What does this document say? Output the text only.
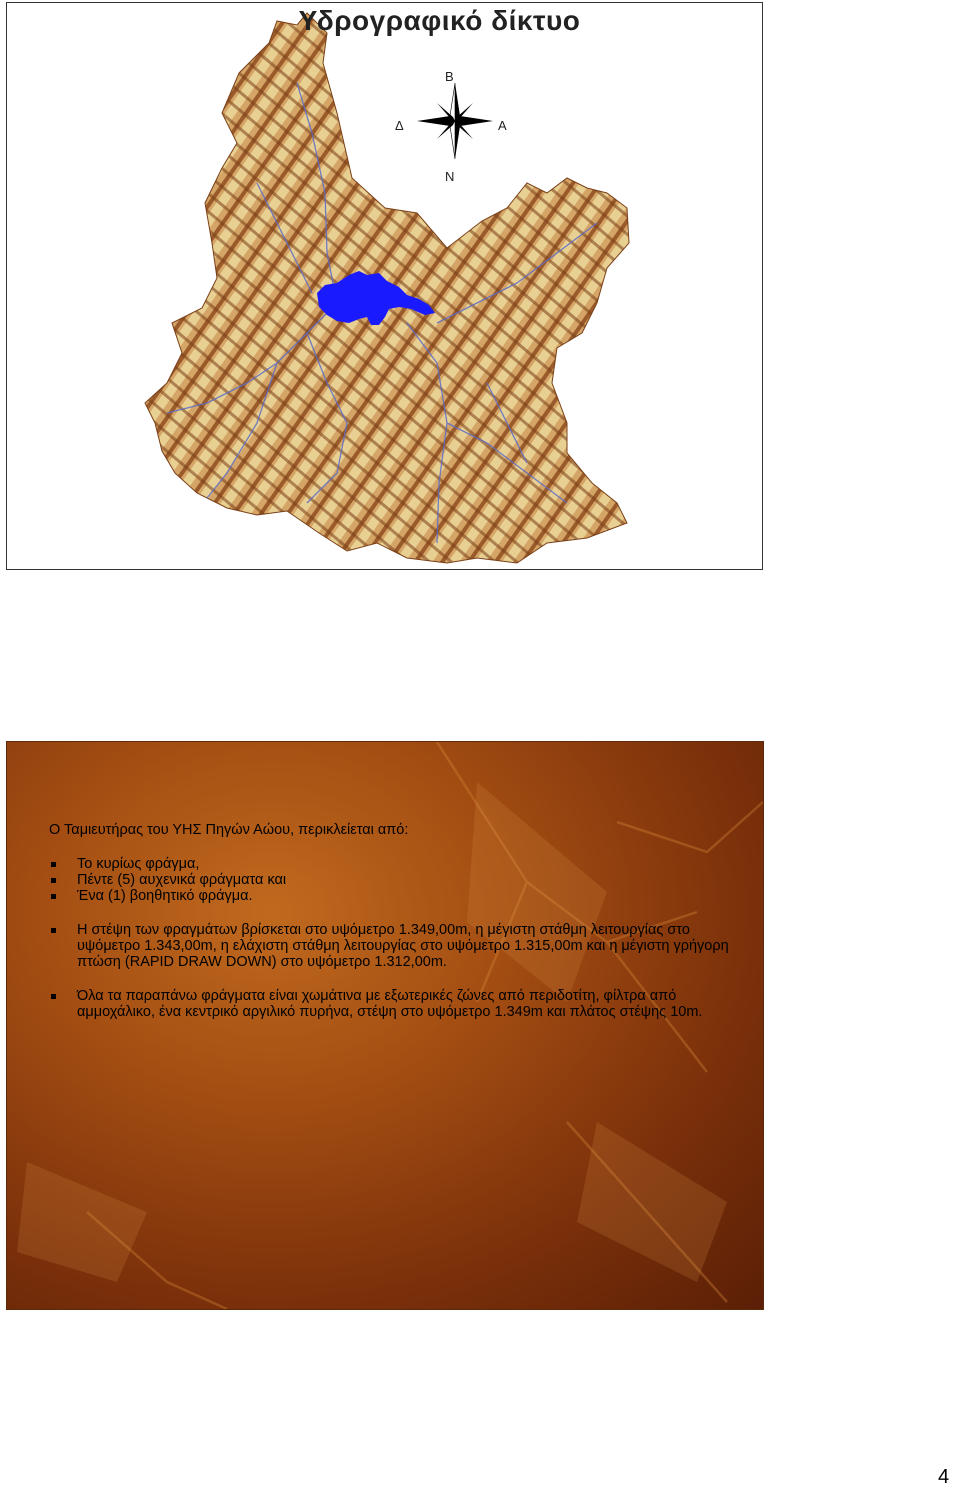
Υδρογραφικό δίκτυο
Β
Ν
Α
Δ

Ο Ταμιευτήρας του ΥΗΣ Πηγών Αώου, περικλείεται από:

Το κυρίως φράγμα,
Πέντε (5) αυχενικά φράγματα και
Ένα (1) βοηθητικό φράγμα.
Η στέψη των φραγμάτων βρίσκεται στο υψόμετρο 1.349,00m, η μέγιστη στάθμη λειτουργίας στο υψόμετρο 1.343,00m, η ελάχιστη στάθμη λειτουργίας στο υψόμετρο 1.315,00m και η μέγιστη γρήγορη πτώση (RAPID DRAW DOWN) στο υψόμετρο 1.312,00m.
Όλα τα παραπάνω φράγματα είναι χωμάτινα με εξωτερικές ζώνες από περιδοτίτη, φίλτρα από αμμοχάλικο, ένα κεντρικό αργιλικό πυρήνα, στέψη στο υψόμετρο 1.349m και πλάτος στέψης 10m.
4
